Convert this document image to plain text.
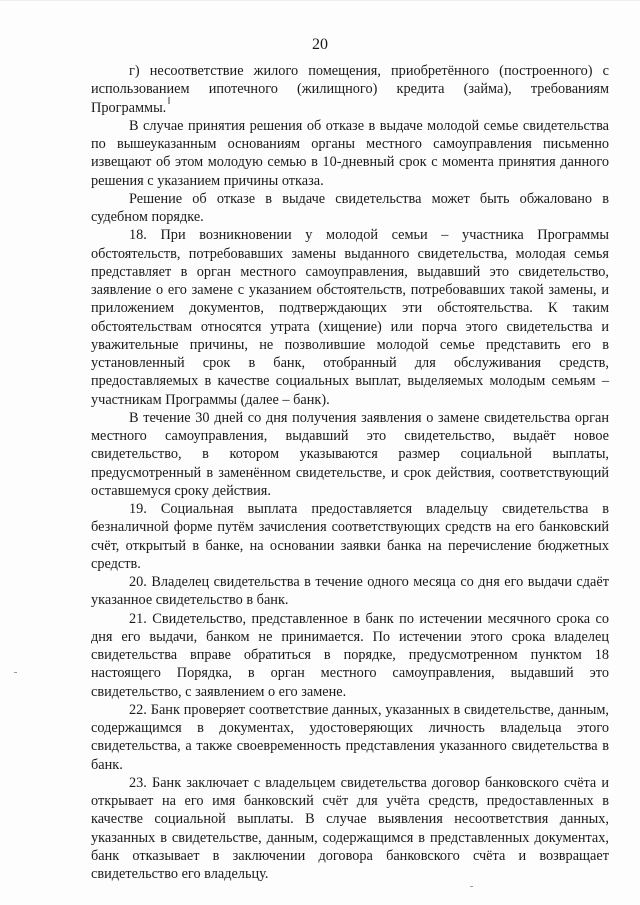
20

г) несоответствие жилого помещения, приобретённого (построенного) с использованием ипотечного (жилищного) кредита (займа), требованиям Программы.

В случае принятия решения об отказе в выдаче молодой семье свидетельства по вышеуказанным основаниям органы местного самоуправления письменно извещают об этом молодую семью в 10-дневный срок с момента принятия данного решения с указанием причины отказа.

Решение об отказе в выдаче свидетельства может быть обжаловано в судебном порядке.

18. При возникновении у молодой семьи – участника Программы обстоятельств, потребовавших замены выданного свидетельства, молодая семья представляет в орган местного самоуправления, выдавший это свидетельство, заявление о его замене с указанием обстоятельств, потребовавших такой замены, и приложением документов, подтверждающих эти обстоятельства. К таким обстоятельствам относятся утрата (хищение) или порча этого свидетельства и уважительные причины, не позволившие молодой семье представить его в установленный срок в банк, отобранный для обслуживания средств, предоставляемых в качестве социальных выплат, выделяемых молодым семьям – участникам Программы (далее – банк).

В течение 30 дней со дня получения заявления о замене свидетельства орган местного самоуправления, выдавший это свидетельство, выдаёт новое свидетельство, в котором указываются размер социальной выплаты, предусмотренный в заменённом свидетельстве, и срок действия, соответствующий оставшемуся сроку действия.

19. Социальная выплата предоставляется владельцу свидетельства в безналичной форме путём зачисления соответствующих средств на его банковский счёт, открытый в банке, на основании заявки банка на перечисление бюджетных средств.

20. Владелец свидетельства в течение одного месяца со дня его выдачи сдаёт указанное свидетельство в банк.

21. Свидетельство, представленное в банк по истечении месячного срока со дня его выдачи, банком не принимается. По истечении этого срока владелец свидетельства вправе обратиться в порядке, предусмотренном пунктом 18 настоящего Порядка, в орган местного самоуправления, выдавший это свидетельство, с заявлением о его замене.

22. Банк проверяет соответствие данных, указанных в свидетельстве, данным, содержащимся в документах, удостоверяющих личность владельца этого свидетельства, а также своевременность представления указанного свидетельства в банк.

23. Банк заключает с владельцем свидетельства договор банковского счёта и открывает на его имя банковский счёт для учёта средств, предоставленных в качестве социальной выплаты. В случае выявления несоответствия данных, указанных в свидетельстве, данным, содержащимся в представленных документах, банк отказывает в заключении договора банковского счёта и возвращает свидетельство его владельцу.
